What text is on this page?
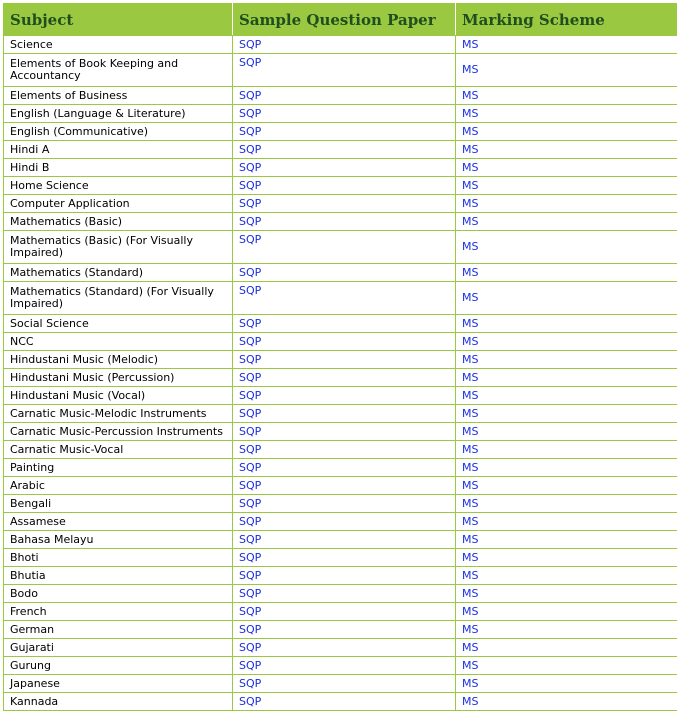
Subject	Sample Question Paper	Marking Scheme
Science	SQP	MS
Elements of Book Keeping and Accountancy	SQP	MS
Elements of Business	SQP	MS
English (Language & Literature)	SQP	MS
English (Communicative)	SQP	MS
Hindi A	SQP	MS
Hindi B	SQP	MS
Home Science	SQP	MS
Computer Application	SQP	MS
Mathematics (Basic)	SQP	MS
Mathematics (Basic) (For Visually Impaired)	SQP	MS
Mathematics (Standard)	SQP	MS
Mathematics (Standard) (For Visually Impaired)	SQP	MS
Social Science	SQP	MS
NCC	SQP	MS
Hindustani Music (Melodic)	SQP	MS
Hindustani Music (Percussion)	SQP	MS
Hindustani Music (Vocal)	SQP	MS
Carnatic Music-Melodic Instruments	SQP	MS
Carnatic Music-Percussion Instruments	SQP	MS
Carnatic Music-Vocal	SQP	MS
Painting	SQP	MS
Arabic	SQP	MS
Bengali	SQP	MS
Assamese	SQP	MS
Bahasa Melayu	SQP	MS
Bhoti	SQP	MS
Bhutia	SQP	MS
Bodo	SQP	MS
French	SQP	MS
German	SQP	MS
Gujarati	SQP	MS
Gurung	SQP	MS
Japanese	SQP	MS
Kannada	SQP	MS
